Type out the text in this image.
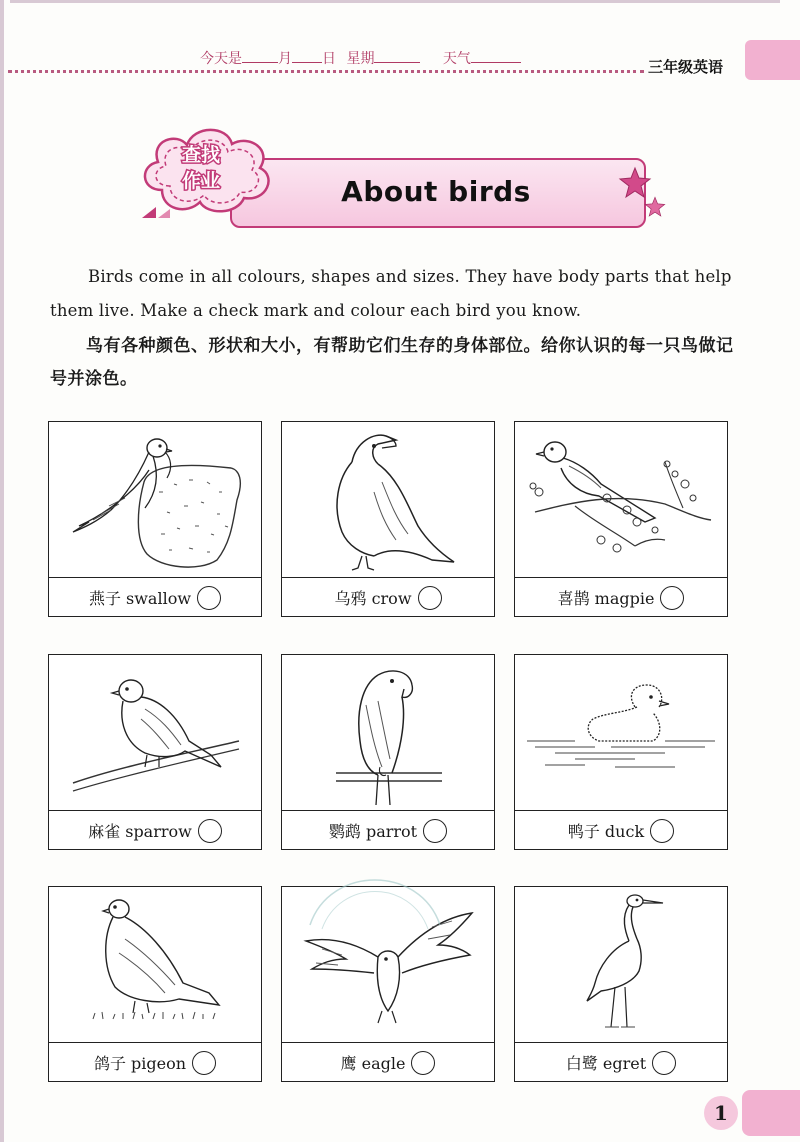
今天是	月 日 星期	天气	三年级英语
查找
作业	About birds
Birds come in all colours, shapes and sizes. They have body parts that help them live. Make a check mark and colour each bird you know.
鸟有各种颜色、形状和大小，有帮助它们生存的身体部位。给你认识的每一只鸟做记号并涂色。
燕子 swallow	乌鸦 crow	喜鹊 magpie
麻雀 sparrow	鹦鹉 parrot	鸭子 duck
鸽子 pigeon	鹰 eagle	白鹭 egret
1
